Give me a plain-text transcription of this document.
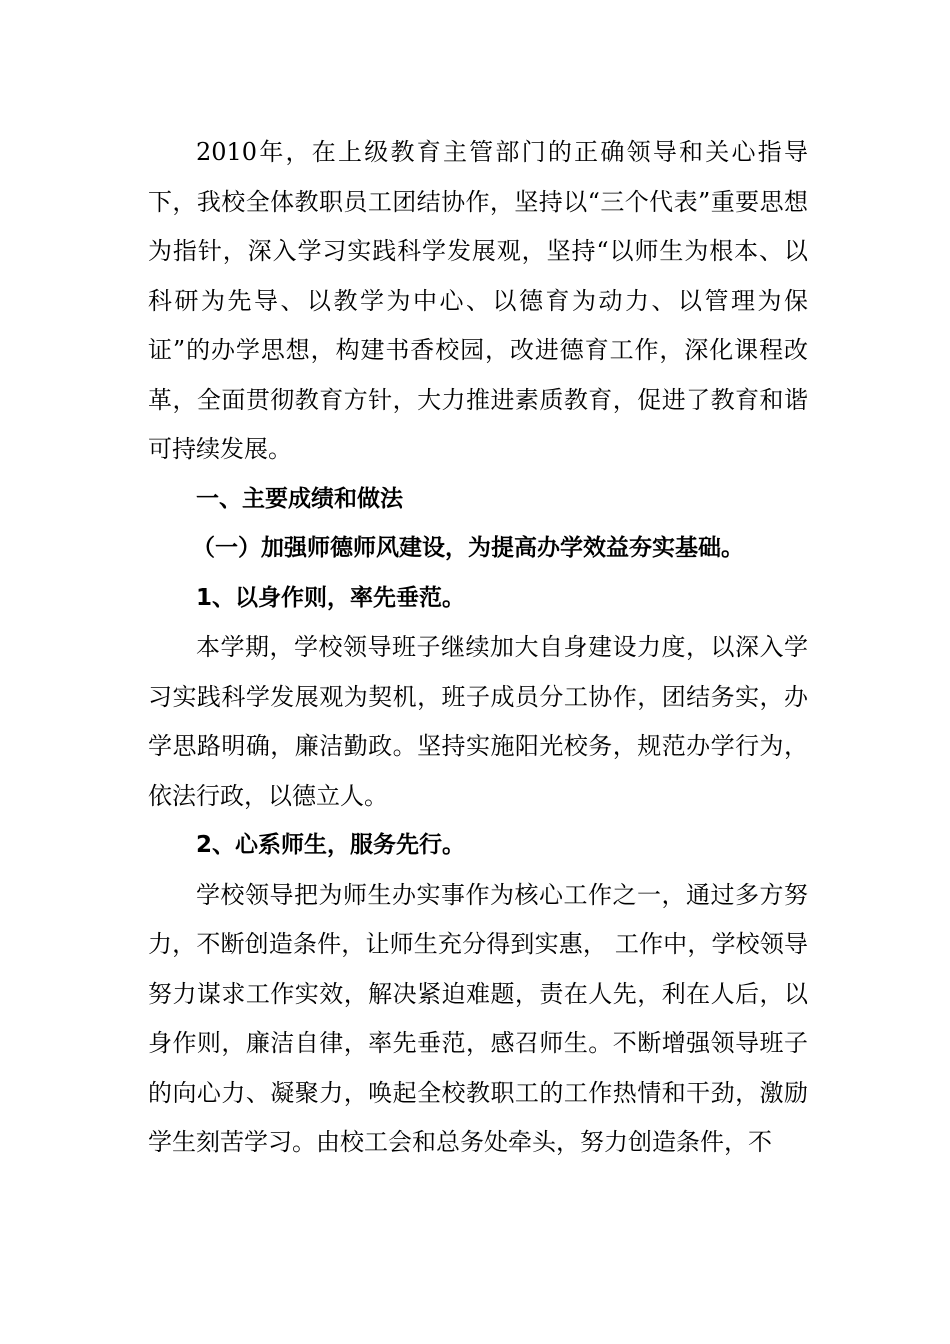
2010年，在上级教育主管部门的正确领导和关心指导下，我校全体教职员工团结协作，坚持以“三个代表”重要思想为指针，深入学习实践科学发展观，坚持“以师生为根本、以科研为先导、以教学为中心、以德育为动力、以管理为保证”的办学思想，构建书香校园，改进德育工作，深化课程改革，全面贯彻教育方针，大力推进素质教育，促进了教育和谐可持续发展。

一、主要成绩和做法

（一）加强师德师风建设，为提高办学效益夯实基础。

1、以身作则，率先垂范。

本学期，学校领导班子继续加大自身建设力度，以深入学习实践科学发展观为契机，班子成员分工协作，团结务实，办学思路明确，廉洁勤政。坚持实施阳光校务，规范办学行为，依法行政，以德立人。

2、心系师生，服务先行。

学校领导把为师生办实事作为核心工作之一，通过多方努力，不断创造条件，让师生充分得到实惠， 工作中，学校领导努力谋求工作实效，解决紧迫难题，责在人先，利在人后，以身作则，廉洁自律，率先垂范，感召师生。不断增强领导班子的向心力、凝聚力，唤起全校教职工的工作热情和干劲，激励学生刻苦学习。由校工会和总务处牵头，努力创造条件，不
